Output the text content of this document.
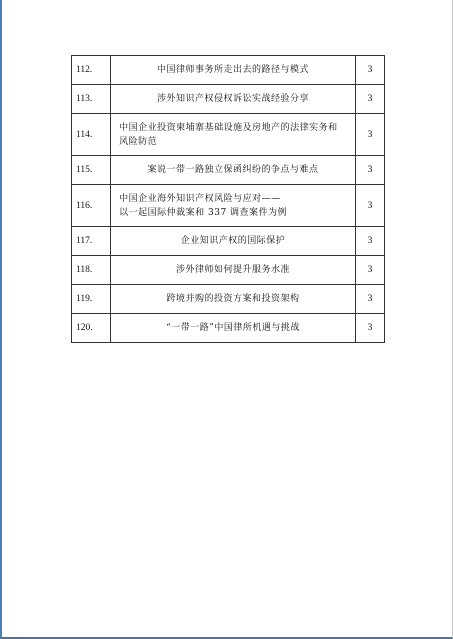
112.	中国律师事务所走出去的路径与模式	3
113.	涉外知识产权侵权诉讼实战经验分享	3
114.	中国企业投资柬埔寨基础设施及房地产的法律实务和
风险防范	3
115.	案说一带一路独立保函纠纷的争点与难点	3
116.	中国企业海外知识产权风险与应对——
以一起国际仲裁案和 337 调查案件为例	3
117.	企业知识产权的国际保护	3
118.	涉外律师如何提升服务水准	3
119.	跨境并购的投资方案和投资架构	3
120.	“一带一路”中国律所机遇与挑战	3
